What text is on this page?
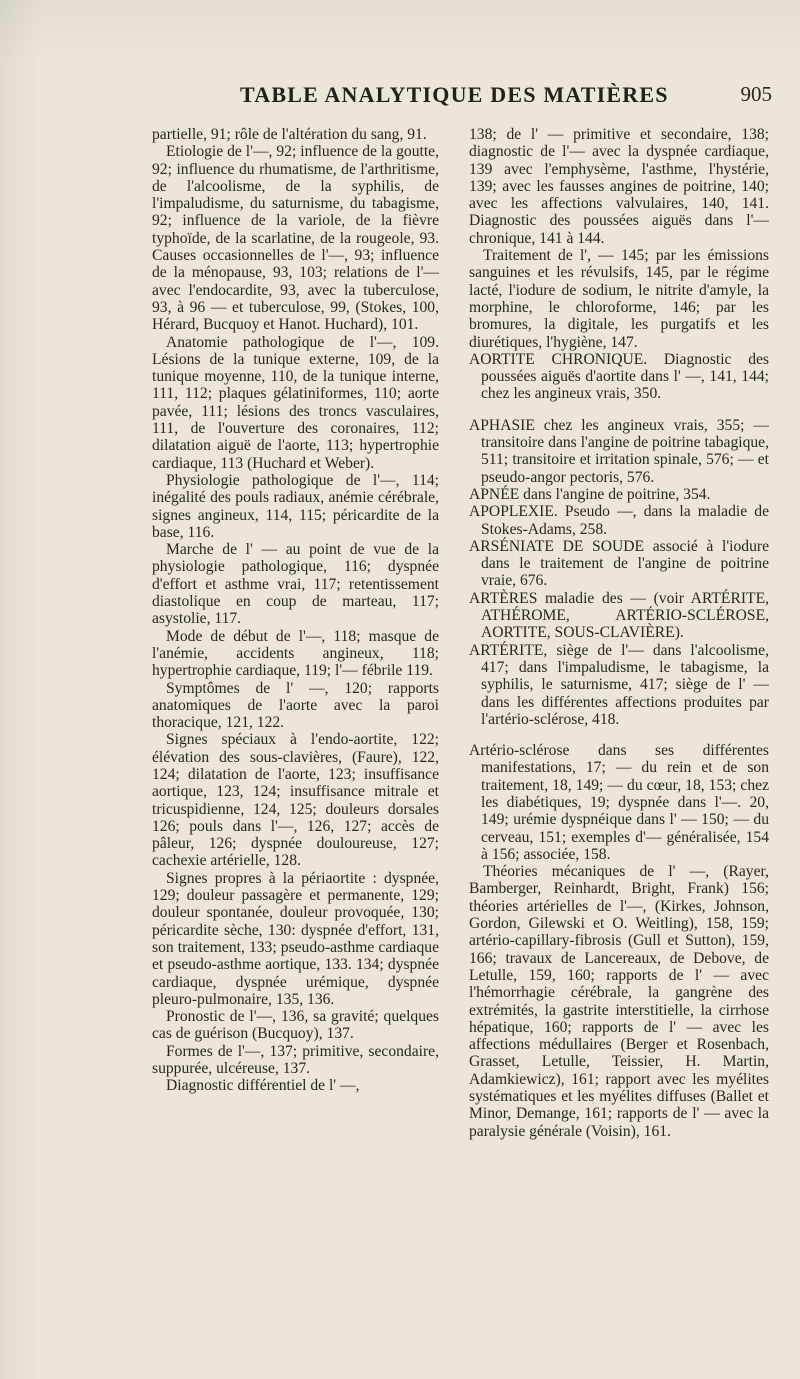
TABLE ANALYTIQUE DES MATIÈRES	905

partielle, 91; rôle de l'altération du sang, 91.

Etiologie de l'—, 92; influence de la goutte, 92; influence du rhumatisme, de l'arthritisme, de l'alcoolisme, de la syphilis, de l'impaludisme, du saturnisme, du tabagisme, 92; influence de la variole, de la fièvre typhoïde, de la scarlatine, de la rougeole, 93. Causes occasionnelles de l'—, 93; influence de la ménopause, 93, 103; relations de l'— avec l'endocardite, 93, avec la tuberculose, 93, à 96 — et tuberculose, 99, (Stokes, 100, Hérard, Bucquoy et Hanot. Huchard), 101.

Anatomie pathologique de l'—, 109. Lésions de la tunique externe, 109, de la tunique moyenne, 110, de la tunique interne, 111, 112; plaques gélatiniformes, 110; aorte pavée, 111; lésions des troncs vasculaires, 111, de l'ouverture des coronaires, 112; dilatation aiguë de l'aorte, 113; hypertrophie cardiaque, 113 (Huchard et Weber).

Physiologie pathologique de l'—, 114; inégalité des pouls radiaux, anémie cérébrale, signes angineux, 114, 115; péricardite de la base, 116.

Marche de l' — au point de vue de la physiologie pathologique, 116; dyspnée d'effort et asthme vrai, 117; retentissement diastolique en coup de marteau, 117; asystolie, 117.

Mode de début de l'—, 118; masque de l'anémie, accidents angineux, 118; hypertrophie cardiaque, 119; l'— fébrile 119.

Symptômes de l' —, 120; rapports anatomiques de l'aorte avec la paroi thoracique, 121, 122.

Signes spéciaux à l'endo-aortite, 122; élévation des sous-clavières, (Faure), 122, 124; dilatation de l'aorte, 123; insuffisance aortique, 123, 124; insuffisance mitrale et tricuspidienne, 124, 125; douleurs dorsales 126; pouls dans l'—, 126, 127; accès de pâleur, 126; dyspnée douloureuse, 127; cachexie artérielle, 128.

Signes propres à la périaortite : dyspnée, 129; douleur passagère et permanente, 129; douleur spontanée, douleur provoquée, 130; péricardite sèche, 130: dyspnée d'effort, 131, son traitement, 133; pseudo-asthme cardiaque et pseudo-asthme aortique, 133. 134; dyspnée cardiaque, dyspnée urémique, dyspnée pleuro-pulmonaire, 135, 136.

Pronostic de l'—, 136, sa gravité; quelques cas de guérison (Bucquoy), 137.

Formes de l'—, 137; primitive, secondaire, suppurée, ulcéreuse, 137.

Diagnostic différentiel de l' —,

138; de l' — primitive et secondaire, 138; diagnostic de l'— avec la dyspnée cardiaque, 139 avec l'emphysème, l'asthme, l'hystérie, 139; avec les fausses angines de poitrine, 140; avec les affections valvulaires, 140, 141. Diagnostic des poussées aiguës dans l'— chronique, 141 à 144.

Traitement de l', — 145; par les émissions sanguines et les révulsifs, 145, par le régime lacté, l'iodure de sodium, le nitrite d'amyle, la morphine, le chloroforme, 146; par les bromures, la digitale, les purgatifs et les diurétiques, l'hygiène, 147.

AORTITE CHRONIQUE. Diagnostic des poussées aiguës d'aortite dans l' —, 141, 144; chez les angineux vrais, 350.

APHASIE chez les angineux vrais, 355; — transitoire dans l'angine de poitrine tabagique, 511; transitoire et irritation spinale, 576; — et pseudo-angor pectoris, 576.

APNÉE dans l'angine de poitrine, 354.

APOPLEXIE. Pseudo —, dans la maladie de Stokes-Adams, 258.

ARSÉNIATE DE SOUDE associé à l'iodure dans le traitement de l'angine de poitrine vraie, 676.

ARTÈRES maladie des — (voir ARTÉRITE, ATHÉROME, ARTÉRIO-SCLÉROSE, AORTITE, SOUS-CLAVIÈRE).

ARTÉRITE, siège de l'— dans l'alcoolisme, 417; dans l'impaludisme, le tabagisme, la syphilis, le saturnisme, 417; siège de l' — dans les différentes affections produites par l'artério-sclérose, 418.

Artério-sclérose dans ses différentes manifestations, 17; — du rein et de son traitement, 18, 149; — du cœur, 18, 153; chez les diabétiques, 19; dyspnée dans l'—. 20, 149; urémie dyspnéique dans l' — 150; — du cerveau, 151; exemples d'— généralisée, 154 à 156; associée, 158.

Théories mécaniques de l' —, (Rayer, Bamberger, Reinhardt, Bright, Frank) 156; théories artérielles de l'—, (Kirkes, Johnson, Gordon, Gilewski et O. Weitling), 158, 159; artério-capillary-fibrosis (Gull et Sutton), 159, 166; travaux de Lancereaux, de Debove, de Letulle, 159, 160; rapports de l' — avec l'hémorrhagie cérébrale, la gangrène des extrémités, la gastrite interstitielle, la cirrhose hépatique, 160; rapports de l' — avec les affections médullaires (Berger et Rosenbach, Grasset, Letulle, Teissier, H. Martin, Adamkiewicz), 161; rapport avec les myélites systématiques et les myélites diffuses (Ballet et Minor, Demange, 161; rapports de l' — avec la paralysie générale (Voisin), 161.
